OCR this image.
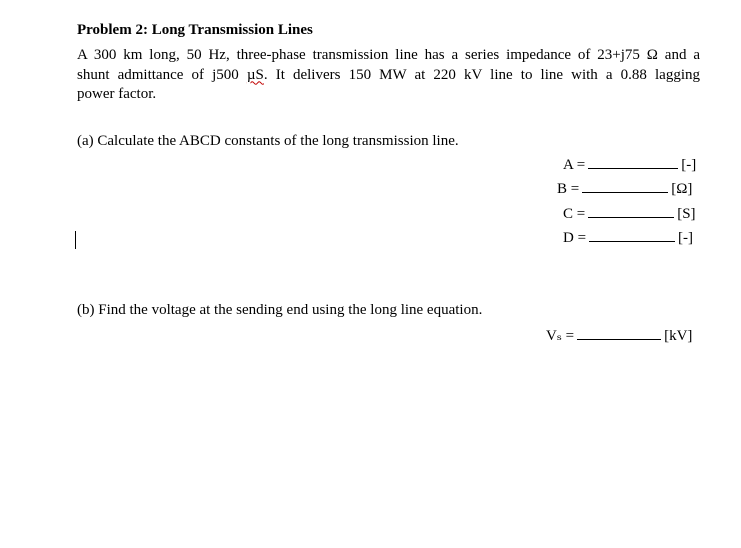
Problem 2: Long Transmission Lines
A 300 km long, 50 Hz, three-phase transmission line has a series impedance of 23+j75 Ω and a
shunt admittance of j500 µS. It delivers 150 MW at 220 kV line to line with a 0.88 lagging
power factor.
(a) Calculate the ABCD constants of the long transmission line.
A =	[-]
B =	[Ω]
C =	[S]
D =	[-]
(b) Find the voltage at the sending end using the long line equation.
Vₛ =	[kV]
